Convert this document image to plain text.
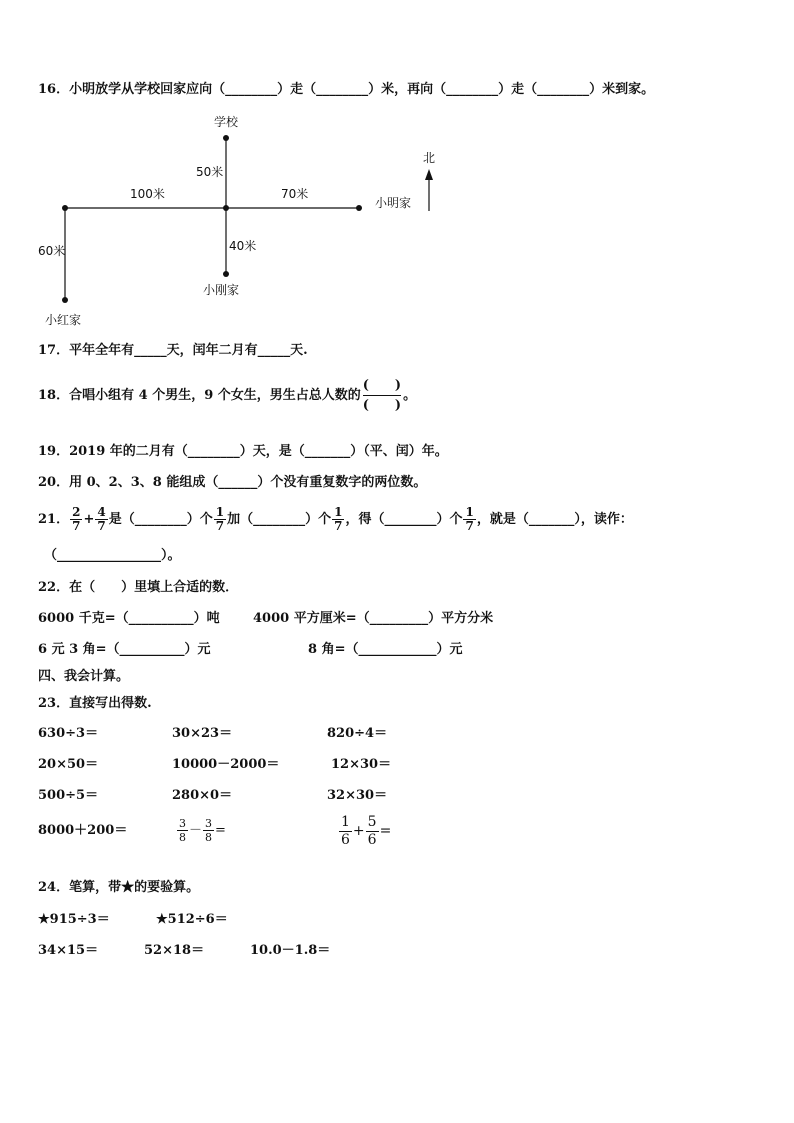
16．小明放学从学校回家应向（________）走（________）米，再向（________）走（________）米到家。
学校
50米
100米	70米
小明家
40米
60米
小刚家
小红家
北
17．平年全年有_____天，闰年二月有_____天.
18．合唱小组有 4 个男生，9 个女生，男生占总人数的
(　　)
(　　)
。
19．2019 年的二月有（________）天，是（_______）（平、闰）年。
20．用 0、2、3、8 能组成（______）个没有重复数字的两位数。
21． $\frac{2}{7} + \frac{4}{7}$ 是（________）个 $\frac{1}{7}$ 加（________）个 $\frac{1}{7}$ ，得（________）个 $\frac{1}{7}$ ，就是（_______），读作：
（________________）。
22．在（　　）里填上合适的数．
6000 千克=（__________）吨	4000 平方厘米=（_________）平方分米
6 元 3 角=（__________）元	8 角=（____________）元
四、我会计算。
23．直接写出得数.
630÷3＝	30×23＝	820÷4＝
20×50＝	10000－2000＝	12×30＝
500÷5＝	280×0＝	32×30＝
8000＋200＝	$\frac{3}{8} - \frac{3}{8}$ =	$\frac{1}{6} + \frac{5}{6}$ =
24．笔算，带★的要验算。
★915÷3＝	★512÷6＝
34×15＝	52×18＝	10.0－1.8＝
